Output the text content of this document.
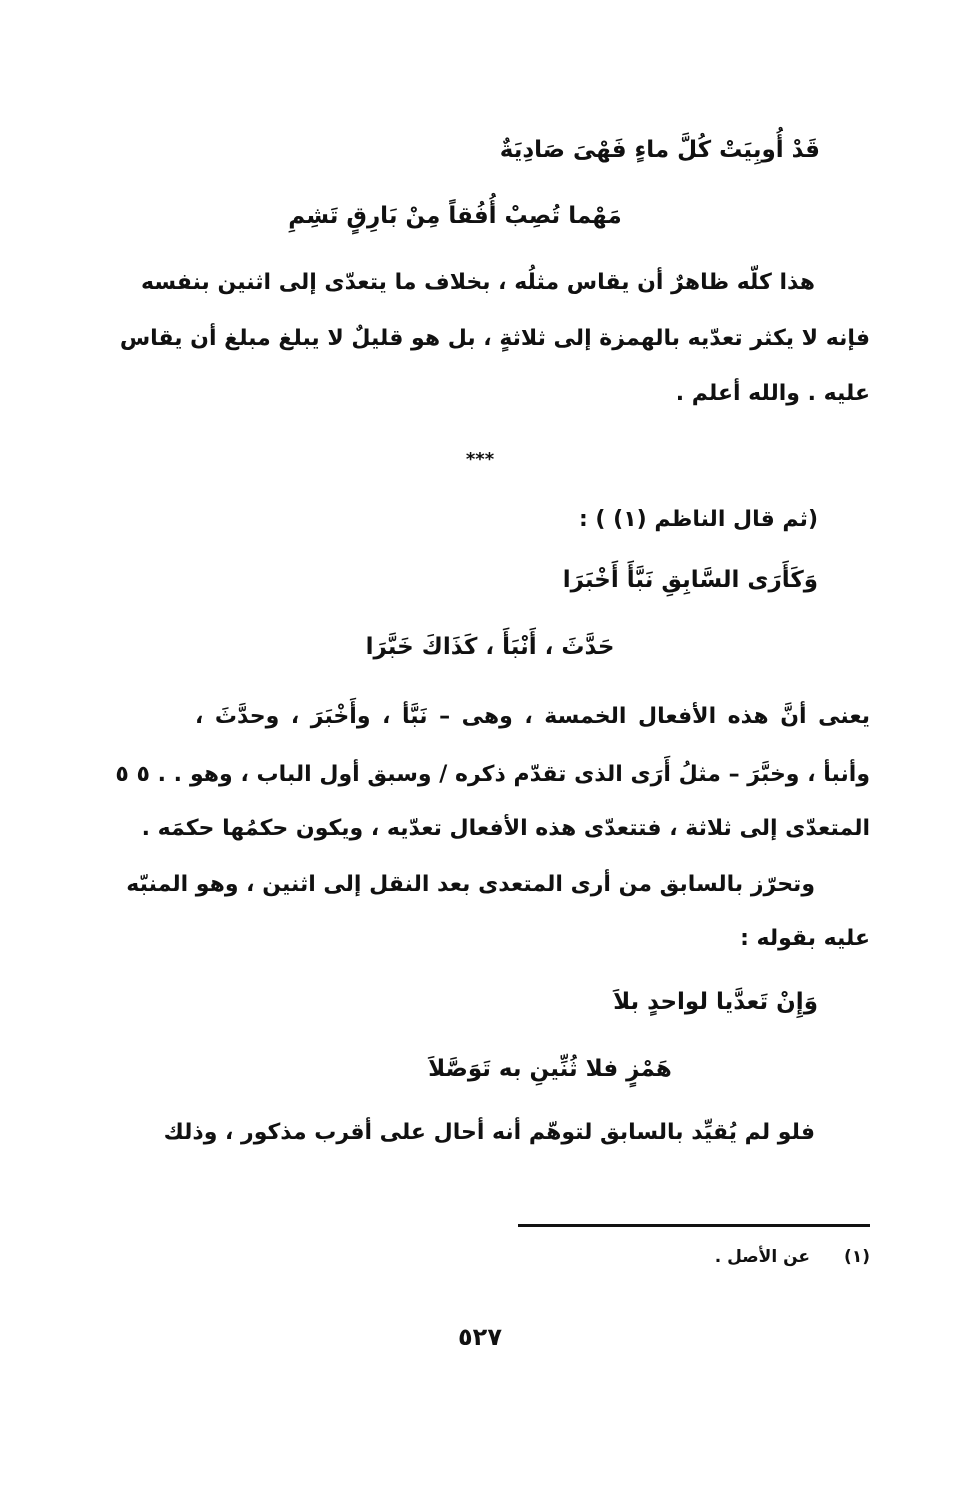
قَدْ أُوبِيَتْ كُلَّ ماءٍ فَهْىَ صَادِيَةٌ
مَهْما تُصِبْ أُفُقاً مِنْ بَارِقٍ تَشِمِ
هذا كلّه ظاهرٌ أن يقاس مثلُه ، بخلاف ما يتعدّى إلى اثنين بنفسه
فإنه لا يكثر تعدّيه بالهمزة إلى ثلاثةٍ ، بل هو قليلٌ لا يبلغ مبلغ أن يقاس
عليه . والله أعلم .
***
(ثم قال الناظم (١) ) :
وَكَأَرَى السَّابِقِ نَبَّأَ أَخْبَرَا
حَدَّثَ ، أَنْبَأَ ، كَذَاكَ خَبَّرَا
يعنى أنَّ هذه الأفعال الخمسة ، وهى – نَبَّأ ، وأَخْبَرَ ، وحدَّثَ ،
وأنبأ ، وخبَّرَ – مثلُ أَرَى الذى تقدّم ذكره / وسبق أول الباب ، وهو
. . ٥ ٥
المتعدّى إلى ثلاثة ، فتتعدّى هذه الأفعال تعدّيه ، ويكون حكمُها حكمَه .
وتحرّز بالسابق من أرى المتعدى بعد النقل إلى اثنين ، وهو المنبّه
عليه بقوله :
وَإِنْ تَعدَّيا لواحدٍ بلاَ
هَمْزٍ فلا ثُنِّينِ به تَوَصَّلاَ
فلو لم يُقيِّد بالسابق لتوهّم أنه أحال على أقرب مذكور ، وذلك
(١)
عن الأصل .
٥٢٧
